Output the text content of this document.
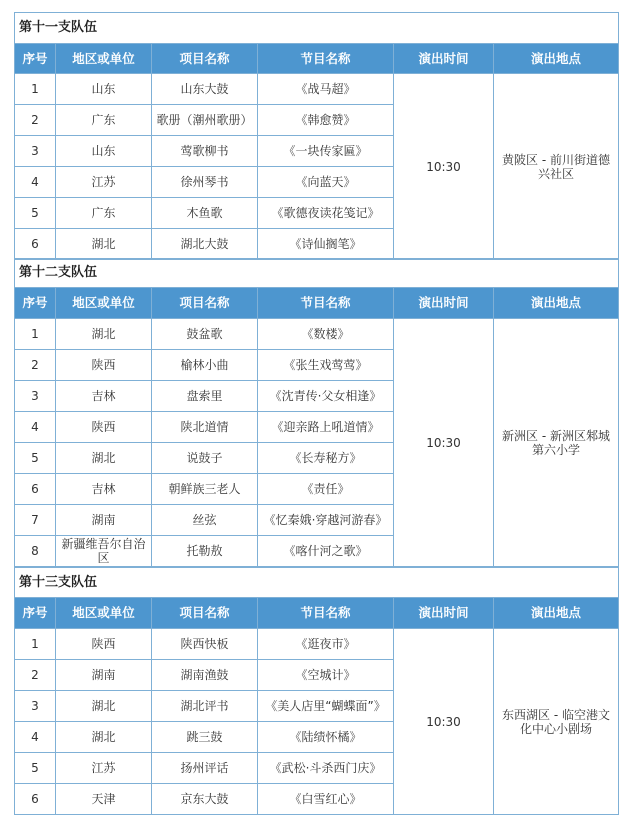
第十一支队伍					
序号	地区或单位	项目名称	节目名称	演出时间	演出地点
1	山东	山东大鼓	《战马超》	10:30	黄陂区 - 前川街道德兴社区
2	广东	歌册（潮州歌册）	《韩愈赞》		
3	山东	莺歌柳书	《一块传家匾》		
4	江苏	徐州琴书	《向蓝天》		
5	广东	木鱼歌	《歌德夜读花笺记》		
6	湖北	湖北大鼓	《诗仙搁笔》		
第十二支队伍					
序号	地区或单位	项目名称	节目名称	演出时间	演出地点
1	湖北	鼓盆歌	《数楼》	10:30	新洲区 - 新洲区邾城第六小学
2	陕西	榆林小曲	《张生戏莺莺》		
3	吉林	盘索里	《沈青传·父女相逢》		
4	陕西	陕北道情	《迎亲路上吼道情》		
5	湖北	说鼓子	《长寿秘方》		
6	吉林	朝鲜族三老人	《责任》		
7	湖南	丝弦	《忆秦娥·穿越河游春》		
8	新疆维吾尔自治区	托勒敖	《喀什河之歌》		
第十三支队伍					
序号	地区或单位	项目名称	节目名称	演出时间	演出地点
1	陕西	陕西快板	《逛夜市》	10:30	东西湖区 - 临空港文化中心小剧场
2	湖南	湖南渔鼓	《空城计》		
3	湖北	湖北评书	《美人店里“蝴蝶面”》		
4	湖北	跳三鼓	《陆绩怀橘》		
5	江苏	扬州评话	《武松·斗杀西门庆》		
6	天津	京东大鼓	《白雪红心》		
